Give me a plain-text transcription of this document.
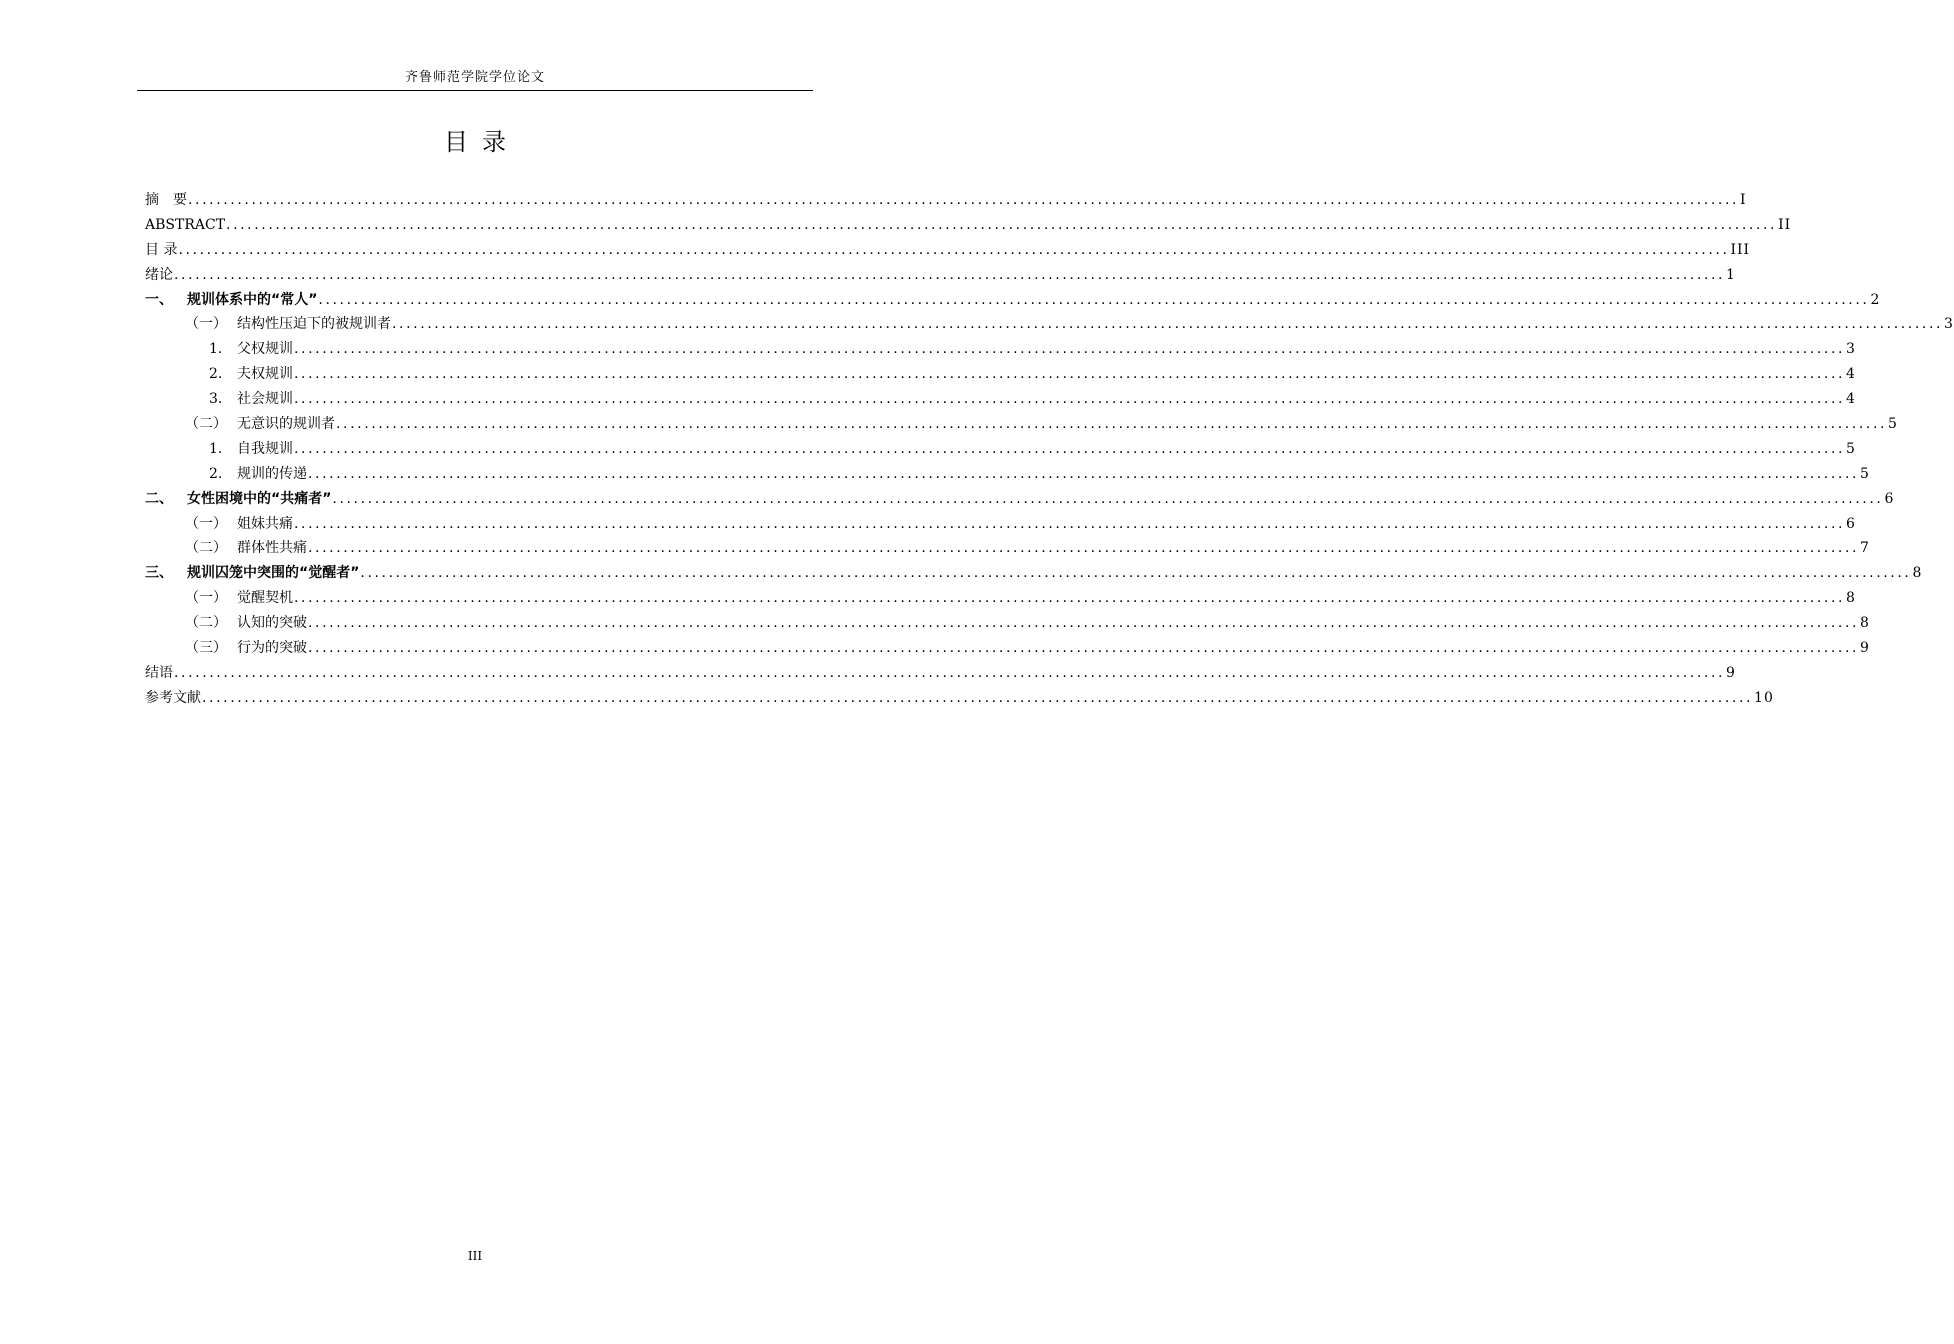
齐鲁师范学院学位论文
目录
摘　要 ............................................................................................................................................................................................................................ I
ABSTRACT ............................................................................................................................................................................................................................ II
目 录 ............................................................................................................................................................................................................................ III
绪论 ............................................................................................................................................................................................................................ 1
一、	规训体系中的“常人” ............................................................................................................................................................................................................................ 2
（一） 结构性压迫下的被规训者 ............................................................................................................................................................................................................................ 3
1.	父权规训 ............................................................................................................................................................................................................................ 3
2.	夫权规训 ............................................................................................................................................................................................................................ 4
3.	社会规训 ............................................................................................................................................................................................................................ 4
（二） 无意识的规训者 ............................................................................................................................................................................................................................ 5
1.	自我规训 ............................................................................................................................................................................................................................ 5
2.	规训的传递 ............................................................................................................................................................................................................................ 5
二、	女性困境中的“共痛者” ............................................................................................................................................................................................................................ 6
（一） 姐妹共痛 ............................................................................................................................................................................................................................ 6
（二） 群体性共痛 ............................................................................................................................................................................................................................ 7
三、	规训囚笼中突围的“觉醒者” ............................................................................................................................................................................................................................ 8
（一） 觉醒契机 ............................................................................................................................................................................................................................ 8
（二） 认知的突破 ............................................................................................................................................................................................................................ 8
（三） 行为的突破 ............................................................................................................................................................................................................................ 9
结语 ............................................................................................................................................................................................................................ 9
参考文献 ............................................................................................................................................................................................................................ 10
III
